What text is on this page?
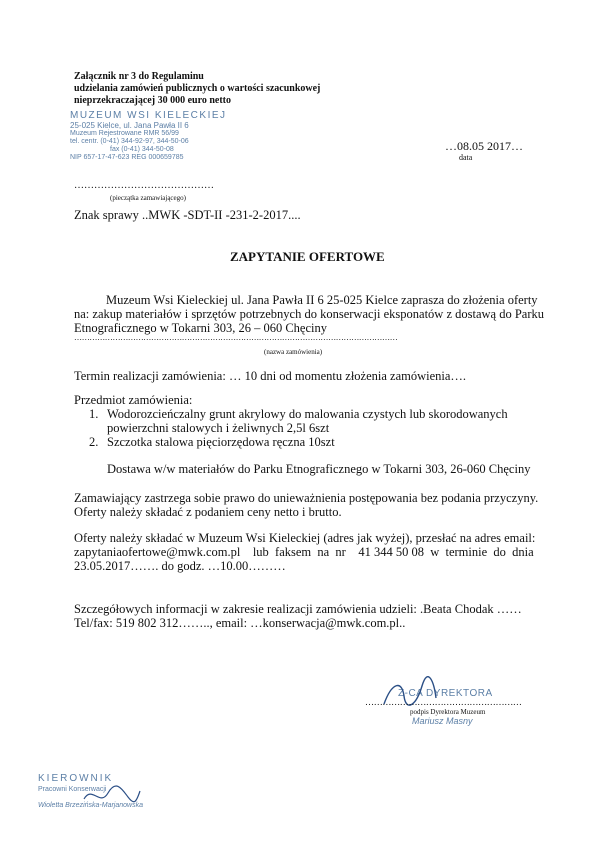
Załącznik nr 3 do Regulaminu
udzielania zamówień publicznych o wartości szacunkowej
nieprzekraczającej 30 000 euro netto
MUZEUM WSI KIELECKIEJ
25-025 Kielce, ul. Jana Pawła II 6
Muzeum Rejestrowane RMR 56/99
tel. centr. (0-41) 344-92-97, 344-50-06
fax (0-41) 344-50-08
NIP 657-17-47-623 REG 000659785
……………………………………
(pieczątka zamawiającego)
…08.05 2017…
data
Znak sprawy ..MWK -SDT-II -231-2-2017....
ZAPYTANIE OFERTOWE
Muzeum Wsi Kieleckiej ul. Jana Pawła II 6 25-025 Kielce zaprasza do złożenia oferty
na: zakup materiałów i sprzętów potrzebnych do konserwacji eksponatów z dostawą do Parku
Etnograficznego w Tokarni 303, 26 – 060 Chęciny
………………………………………………………………………………………………………………
(nazwa zamówienia)
Termin realizacji zamówienia: … 10 dni od momentu złożenia zamówienia….
Przedmiot zamówienia:
1. Wodorozcieńczalny grunt akrylowy do malowania czystych lub skorodowanych
powierzchni stalowych i żeliwnych 2,5l 6szt
2. Szczotka stalowa pięciorzędowa ręczna 10szt
Dostawa w/w materiałów do Parku Etnograficznego w Tokarni 303, 26-060 Chęciny
Zamawiający zastrzega sobie prawo do unieważnienia postępowania bez podania przyczyny.
Oferty należy składać z podaniem ceny netto i brutto.
Oferty należy składać w Muzeum Wsi Kieleckiej (adres jak wyżej), przesłać na adres email:
zapytaniaofertowe@mwk.com.pl    lub  faksem  na  nr    41 344 50 08  w  terminie  do  dnia
23.05.2017……. do godz. …10.00………
Szczegółowych informacji w zakresie realizacji zamówienia udzieli: .Beata Chodak ……
Tel/fax: 519 802 312…….., email: …konserwacja@mwk.com.pl..
Z-CA DYREKTORA
………………………………………………
podpis Dyrektora Muzeum
Mariusz Masny
KIEROWNIK
Pracowni Konserwacji
Wioletta Brzezińska-Marjanowska
